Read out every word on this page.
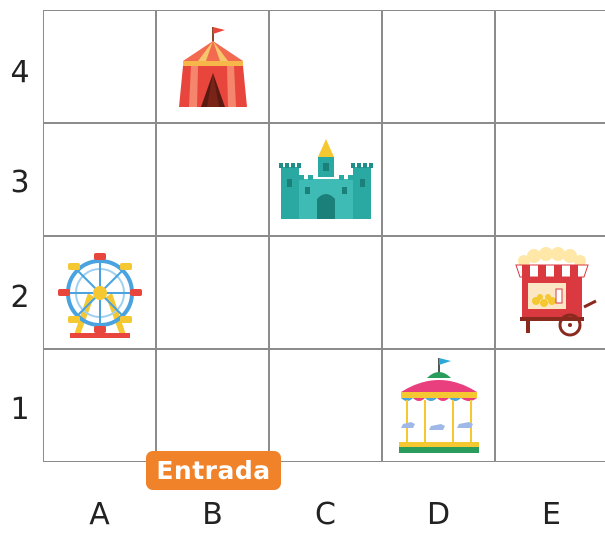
4
3
2
1
A	B	C	D	E
Entrada
